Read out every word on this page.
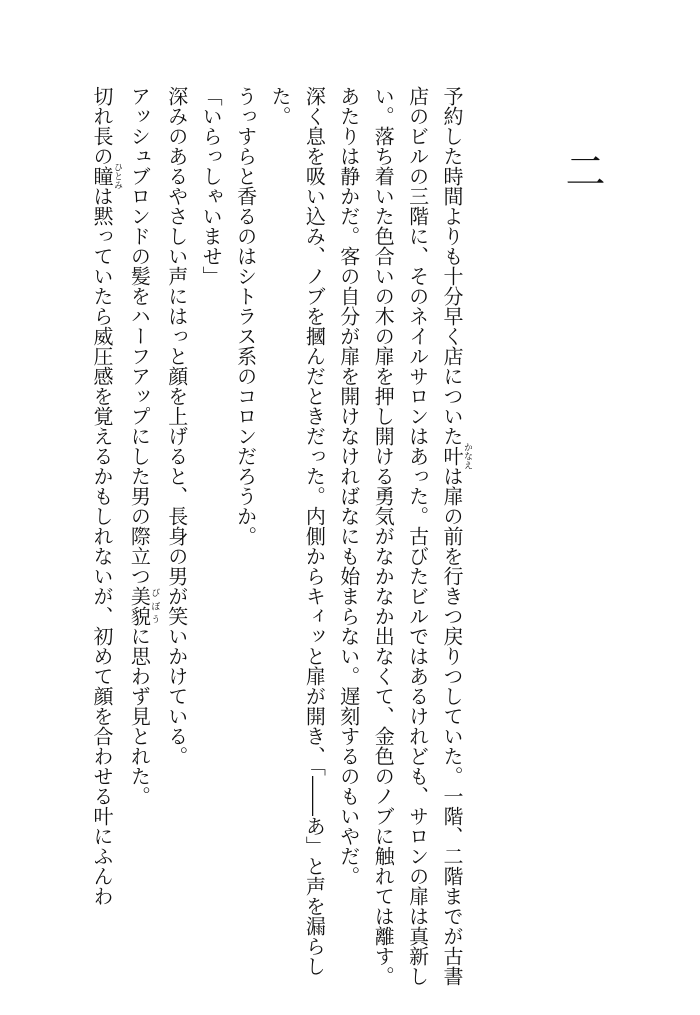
二

予約した時間よりも十分早く店についた叶かなえは扉の前を行きつ戻りつしていた。一階、二階までが古書店のビルの三階に、そのネイルサロンはあった。古びたビルではあるけれども、サロンの扉は真新しい。落ち着いた色合いの木の扉を押し開ける勇気がなかなか出なくて、金色のノブに触れては離す。

あたりは静かだ。客の自分が扉を開けなければなにも始まらない。遅刻するのもいやだ。

深く息を吸い込み、ノブを摑んだときだった。内側からキィッと扉が開き、「――あ」と声を漏らした。

うっすらと香るのはシトラス系のコロンだろうか。

「いらっしゃいませ」

深みのあるやさしい声にはっと顔を上げると、長身の男が笑いかけている。

アッシュブロンドの髪をハーフアップにした男の際立つ美貌びぼうに思わず見とれた。

切れ長の瞳ひとみは黙っていたら威圧感を覚えるかもしれないが、初めて顔を合わせる叶にふんわ
